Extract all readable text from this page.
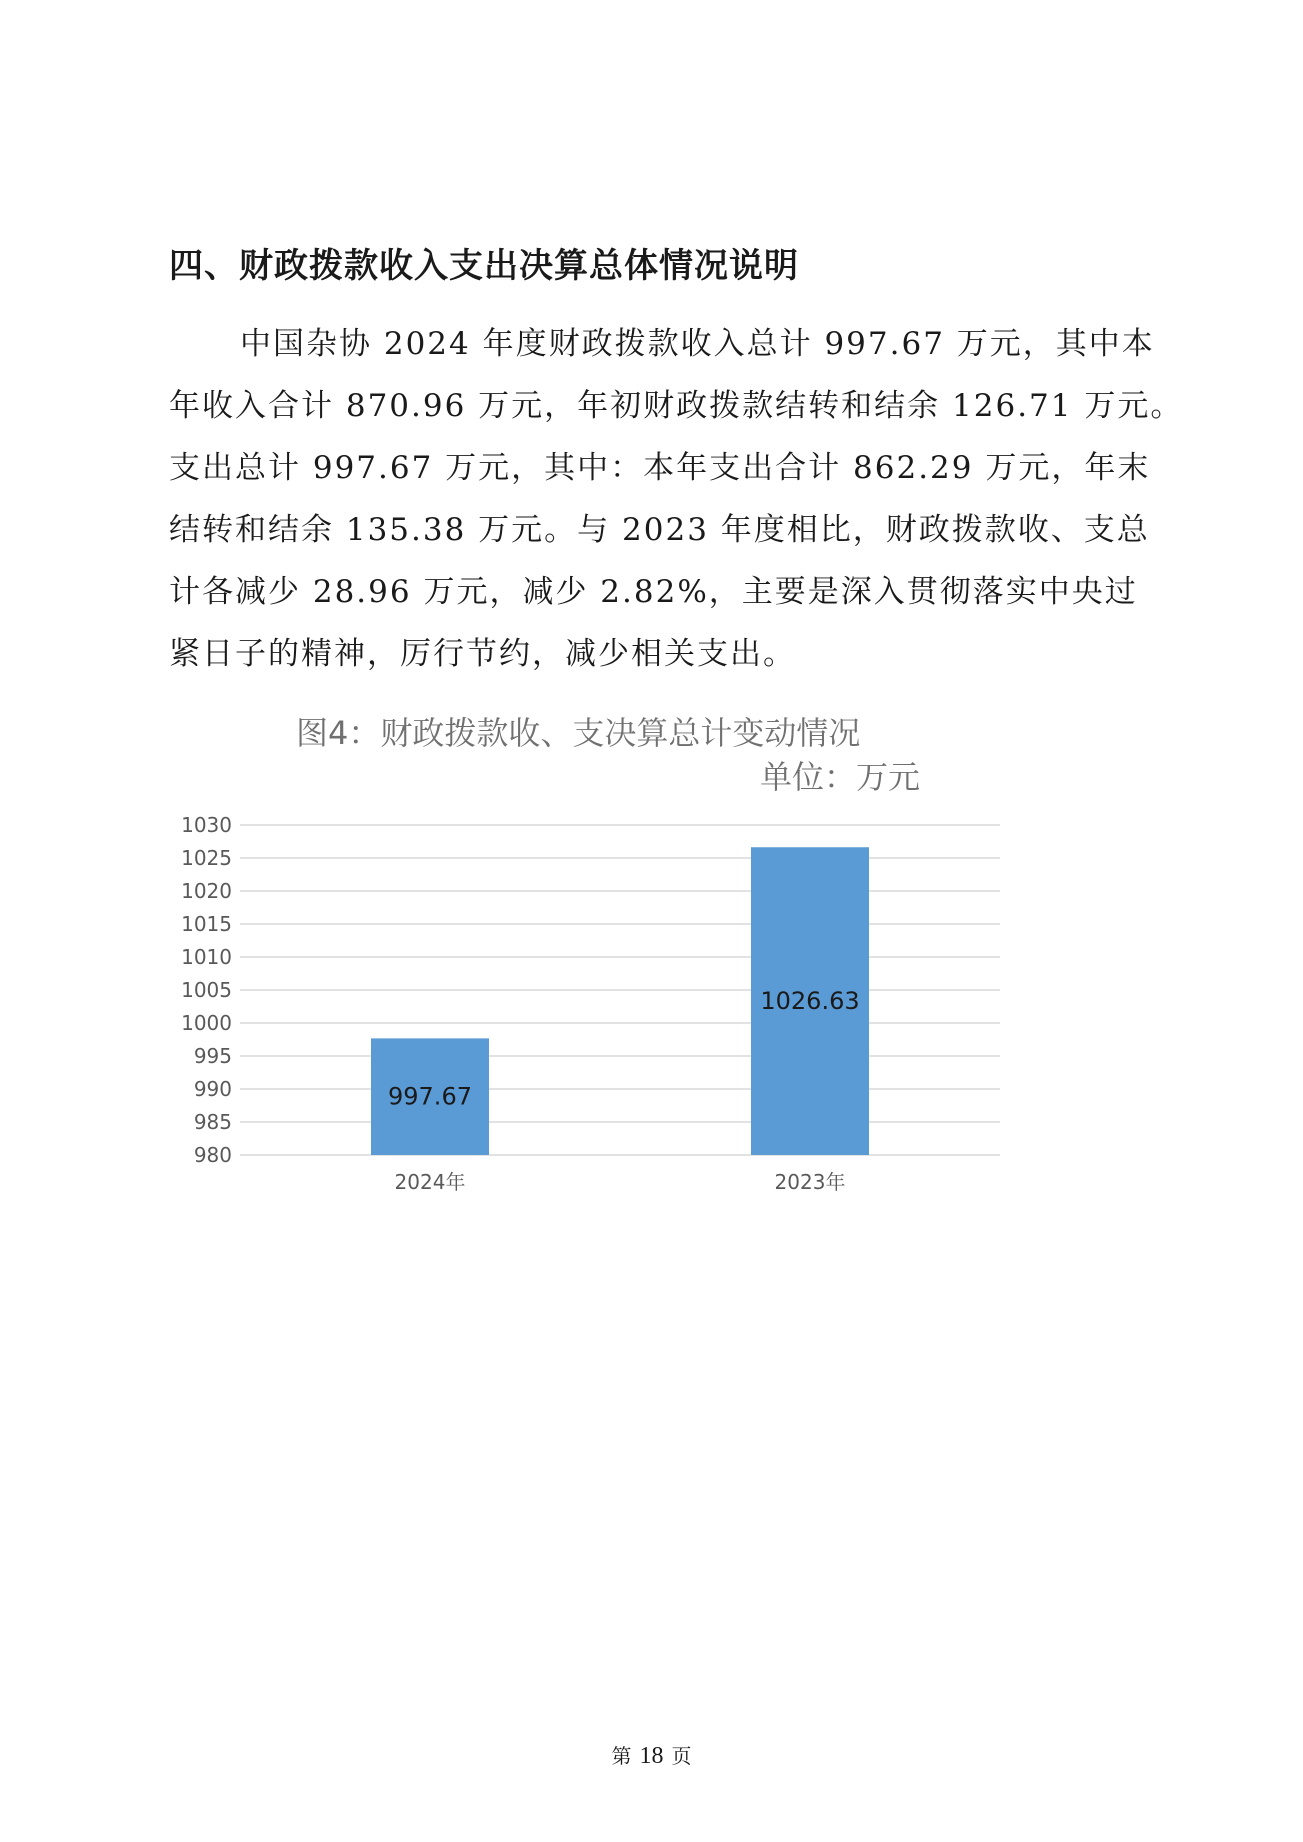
四、财政拨款收入支出决算总体情况说明

中国杂协 2024 年度财政拨款收入总计 997.67 万元，其中本

年收入合计 870.96 万元，年初财政拨款结转和结余 126.71 万元。

支出总计 997.67 万元，其中：本年支出合计 862.29 万元，年末

结转和结余 135.38 万元。与 2023 年度相比，财政拨款收、支总

计各减少 28.96 万元，减少 2.82%，主要是深入贯彻落实中央过

紧日子的精神，厉行节约，减少相关支出。

图4：财政拨款收、支决算总计变动情况
单位：万元
980
985
990
995
1000
1005
1010
1015
1020
1025
1030
997.67
2024年
1026.63
2023年
第 18 页
